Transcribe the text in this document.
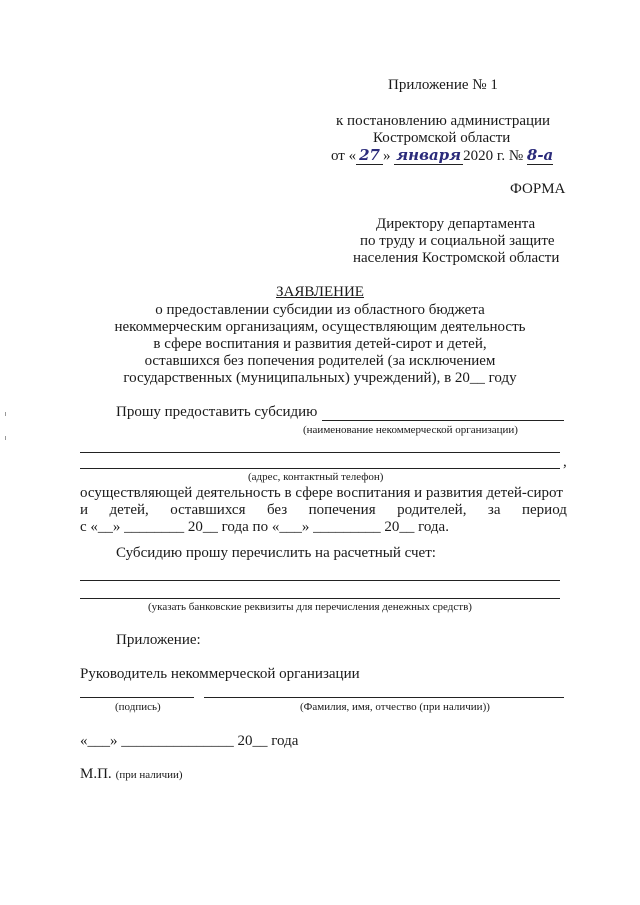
Приложение № 1
к постановлению администрации
Костромской области
от « 27 » января 2020 г. № 8-а
ФОРМА
Директору департамента
по труду и социальной защите
населения Костромской области
ЗАЯВЛЕНИЕ
о предоставлении субсидии из областного бюджета
некоммерческим организациям, осуществляющим деятельность
в сфере воспитания и развития детей-сирот и детей,
оставшихся без попечения родителей (за исключением
государственных (муниципальных) учреждений), в 20__ году
Прошу предоставить субсидию
(наименование некоммерческой организации)
,
(адрес, контактный телефон)
осуществляющей деятельность в сфере воспитания и развития детей-сирот
и детей, оставшихся без попечения родителей, за период
с «__» ________ 20__ года по «___» _________ 20__ года.
Субсидию прошу перечислить на расчетный счет:
(указать банковские реквизиты для перечисления денежных средств)
Приложение:
Руководитель некоммерческой организации
(подпись)	(Фамилия, имя, отчество (при наличии))
«___» _______________ 20__ года
М.П. (при наличии)
